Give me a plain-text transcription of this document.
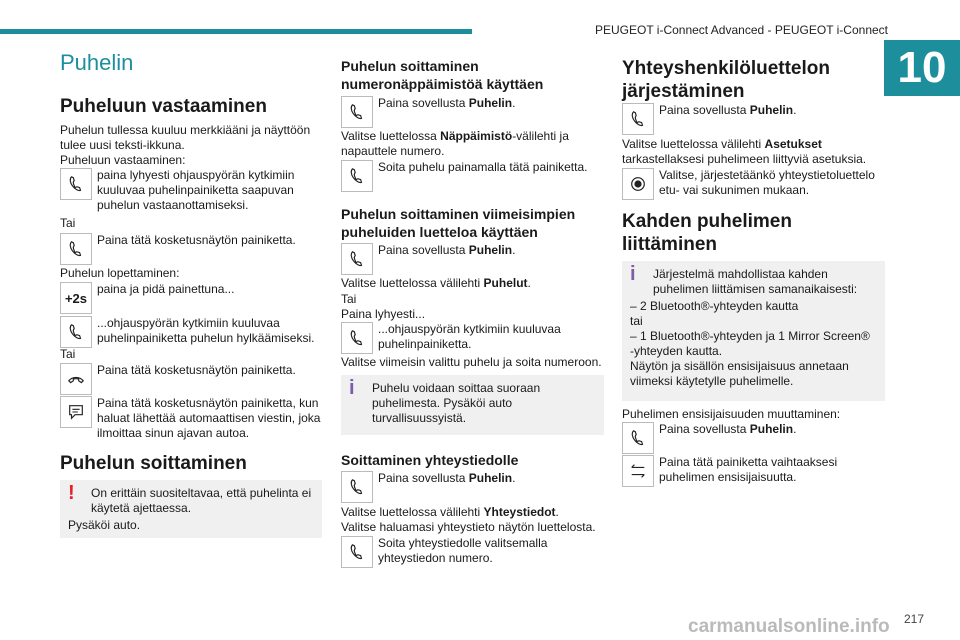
PEUGEOT i-Connect Advanced - PEUGEOT i-Connect
10
Puhelin
Puheluun vastaaminen

Puhelun tullessa kuuluu merkkiääni ja näyttöön tulee uusi teksti-ikkuna.

Puheluun vastaaminen:

paina lyhyesti ohjauspyörän kytkimiin kuuluvaa puhelinpainiketta saapuvan puhelun vastaanottamiseksi.

Tai

Paina tätä kosketusnäytön painiketta.

Puhelun lopettaminen:

+2s
paina ja pidä painettuna...
...ohjauspyörän kytkimiin kuuluvaa puhelinpainiketta puhelun hylkäämiseksi.

Tai

Paina tätä kosketusnäytön painiketta.
Paina tätä kosketusnäytön painiketta, kun haluat lähettää automaattisen viestin, joka ilmoittaa sinun ajavan autoa.
Puhelun soittaminen
!	On erittäin suositeltavaa, että puhelinta ei käytetä ajettaessa.
Pysäköi auto.
Puhelun soittaminen numeronäppäimistöä käyttäen
Paina sovellusta Puhelin.

Valitse luettelossa Näppäimistö-välilehti ja napauttele numero.

Soita puhelu painamalla tätä painiketta.
Puhelun soittaminen viimeisimpien puheluiden luetteloa käyttäen
Paina sovellusta Puhelin.

Valitse luettelossa välilehti Puhelut.

Tai

Paina lyhyesti...

...ohjauspyörän kytkimiin kuuluvaa puhelinpainiketta.

Valitse viimeisin valittu puhelu ja soita numeroon.

i	Puhelu voidaan soittaa suoraan puhelimesta. Pysäköi auto turvallisuussyistä.
Soittaminen yhteystiedolle
Paina sovellusta Puhelin.

Valitse luettelossa välilehti Yhteystiedot.

Valitse haluamasi yhteystieto näytön luettelosta.

Soita yhteystiedolle valitsemalla yhteystiedon numero.
Yhteyshenkilöluettelon järjestäminen
Paina sovellusta Puhelin.

Valitse luettelossa välilehti Asetukset tarkastellaksesi puhelimeen liittyviä asetuksia.

Valitse, järjestetäänkö yhteystietoluettelo etu- vai sukunimen mukaan.
Kahden puhelimen liittäminen
i	Järjestelmä mahdollistaa kahden puhelimen liittämisen samanaikaisesti:
– 2 Bluetooth®-yhteyden kautta
tai
– 1 Bluetooth®-yhteyden ja 1 Mirror Screen® -yhteyden kautta.
Näytön ja sisällön ensisijaisuus annetaan viimeksi käytetylle puhelimelle.

Puhelimen ensisijaisuuden muuttaminen:

Paina sovellusta Puhelin.
Paina tätä painiketta vaihtaaksesi puhelimen ensisijaisuutta.
carmanualsonline.info 217
